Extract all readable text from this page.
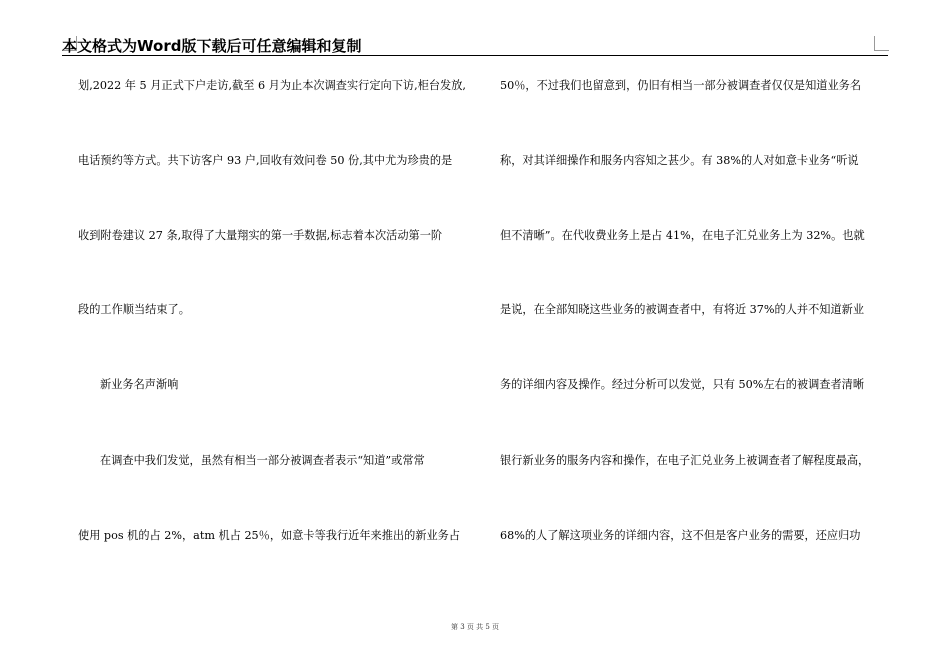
本文格式为Word版下载后可任意编辑和复制
划,2022 年 5 月正式下户走访,截至 6 月为止本次调查实行定向下访,柜台发放,
电话预约等方式。共下访客户 93 户,回收有效问卷 50 份,其中尤为珍贵的是
收到附卷建议 27 条,取得了大量翔实的第一手数据,标志着本次活动第一阶
段的工作顺当结束了。
新业务名声渐响
在调查中我们发觉，虽然有相当一部分被调查者表示“知道”或常常
使用 pos 机的占 2%，atm 机占 25％，如意卡等我行近年来推出的新业务占
50％，不过我们也留意到，仍旧有相当一部分被调查者仅仅是知道业务名
称，对其详细操作和服务内容知之甚少。有 38%的人对如意卡业务“听说
但不清晰”。在代收费业务上是占 41%，在电子汇兑业务上为 32%。也就
是说，在全部知晓这些业务的被调查者中，有将近 37%的人并不知道新业
务的详细内容及操作。经过分析可以发觉，只有 50%左右的被调查者清晰
银行新业务的服务内容和操作，在电子汇兑业务上被调查者了解程度最高，
68%的人了解这项业务的详细内容，这不但是客户业务的需要，还应归功
第 3 页 共 5 页
